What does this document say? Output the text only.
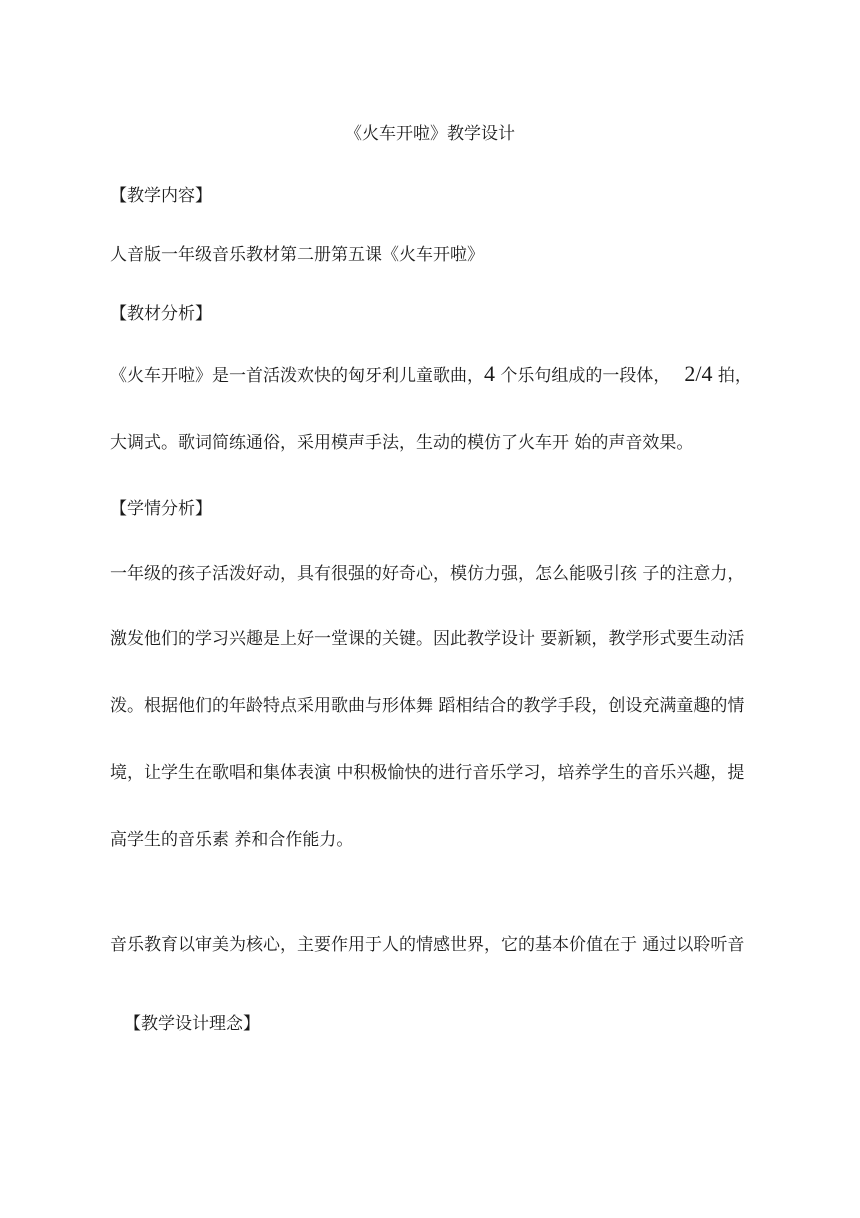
《火车开啦》教学设计
【教学内容】
人音版一年级音乐教材第二册第五课《火车开啦》
【教材分析】
《火车开啦》是一首活泼欢快的匈牙利儿童歌曲，4 个乐句组成的一段体， 2/4 拍，
大调式。歌词简练通俗，采用模声手法，生动的模仿了火车开 始的声音效果。
【学情分析】
一年级的孩子活泼好动，具有很强的好奇心，模仿力强，怎么能吸引孩 子的注意力，
激发他们的学习兴趣是上好一堂课的关键。因此教学设计 要新颖，教学形式要生动活
泼。根据他们的年龄特点采用歌曲与形体舞 蹈相结合的教学手段，创设充满童趣的情
境，让学生在歌唱和集体表演 中积极愉快的进行音乐学习，培养学生的音乐兴趣，提
高学生的音乐素 养和合作能力。
音乐教育以审美为核心，主要作用于人的情感世界，它的基本价值在于 通过以聆听音
【教学设计理念】
